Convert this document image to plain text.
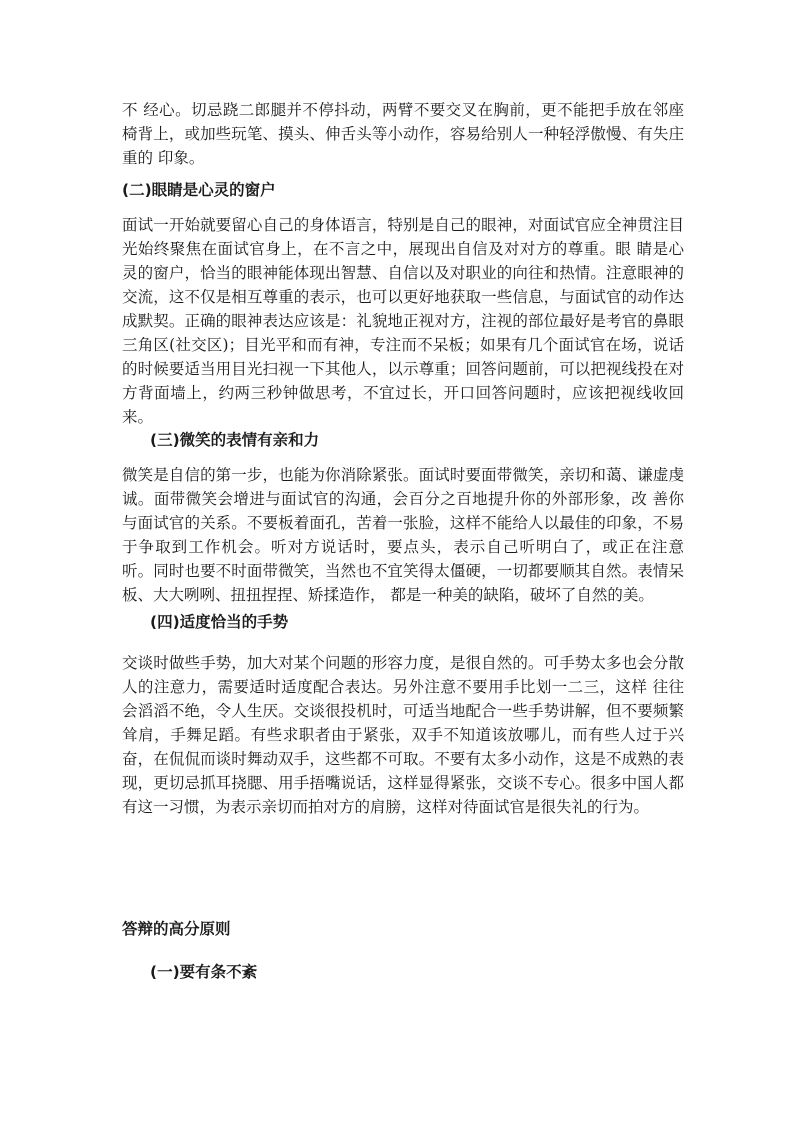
不 经心。切忌跷二郎腿并不停抖动，两臂不要交叉在胸前，更不能把手放在邻座椅背上，或加些玩笔、摸头、伸舌头等小动作，容易给别人一种轻浮傲慢、有失庄重的 印象。

(二)眼睛是心灵的窗户

面试一开始就要留心自己的身体语言，特别是自己的眼神，对面试官应全神贯注目光始终聚焦在面试官身上，在不言之中，展现出自信及对对方的尊重。眼 睛是心灵的窗户，恰当的眼神能体现出智慧、自信以及对职业的向往和热情。注意眼神的交流，这不仅是相互尊重的表示，也可以更好地获取一些信息，与面试官的动作达成默契。正确的眼神表达应该是：礼貌地正视对方，注视的部位最好是考官的鼻眼三角区(社交区)；目光平和而有神，专注而不呆板；如果有几个面试官在场，说话的时候要适当用目光扫视一下其他人，以示尊重；回答问题前，可以把视线投在对方背面墙上，约两三秒钟做思考，不宜过长，开口回答问题时，应该把视线收回来。

(三)微笑的表情有亲和力

微笑是自信的第一步，也能为你消除紧张。面试时要面带微笑，亲切和蔼、谦虚虔诚。面带微笑会增进与面试官的沟通，会百分之百地提升你的外部形象，改 善你与面试官的关系。不要板着面孔，苦着一张脸，这样不能给人以最佳的印象，不易于争取到工作机会。听对方说话时，要点头，表示自己听明白了，或正在注意 听。同时也要不时面带微笑，当然也不宜笑得太僵硬，一切都要顺其自然。表情呆板、大大咧咧、扭扭捏捏、矫揉造作， 都是一种美的缺陷，破坏了自然的美。

(四)适度恰当的手势

交谈时做些手势，加大对某个问题的形容力度，是很自然的。可手势太多也会分散人的注意力，需要适时适度配合表达。另外注意不要用手比划一二三，这样 往往会滔滔不绝，令人生厌。交谈很投机时，可适当地配合一些手势讲解，但不要频繁耸肩，手舞足蹈。有些求职者由于紧张，双手不知道该放哪儿，而有些人过于兴奋，在侃侃而谈时舞动双手，这些都不可取。不要有太多小动作，这是不成熟的表现，更切忌抓耳挠腮、用手捂嘴说话，这样显得紧张，交谈不专心。很多中国人都有这一习惯，为表示亲切而拍对方的肩膀，这样对待面试官是很失礼的行为。

答辩的高分原则
(一)要有条不紊
